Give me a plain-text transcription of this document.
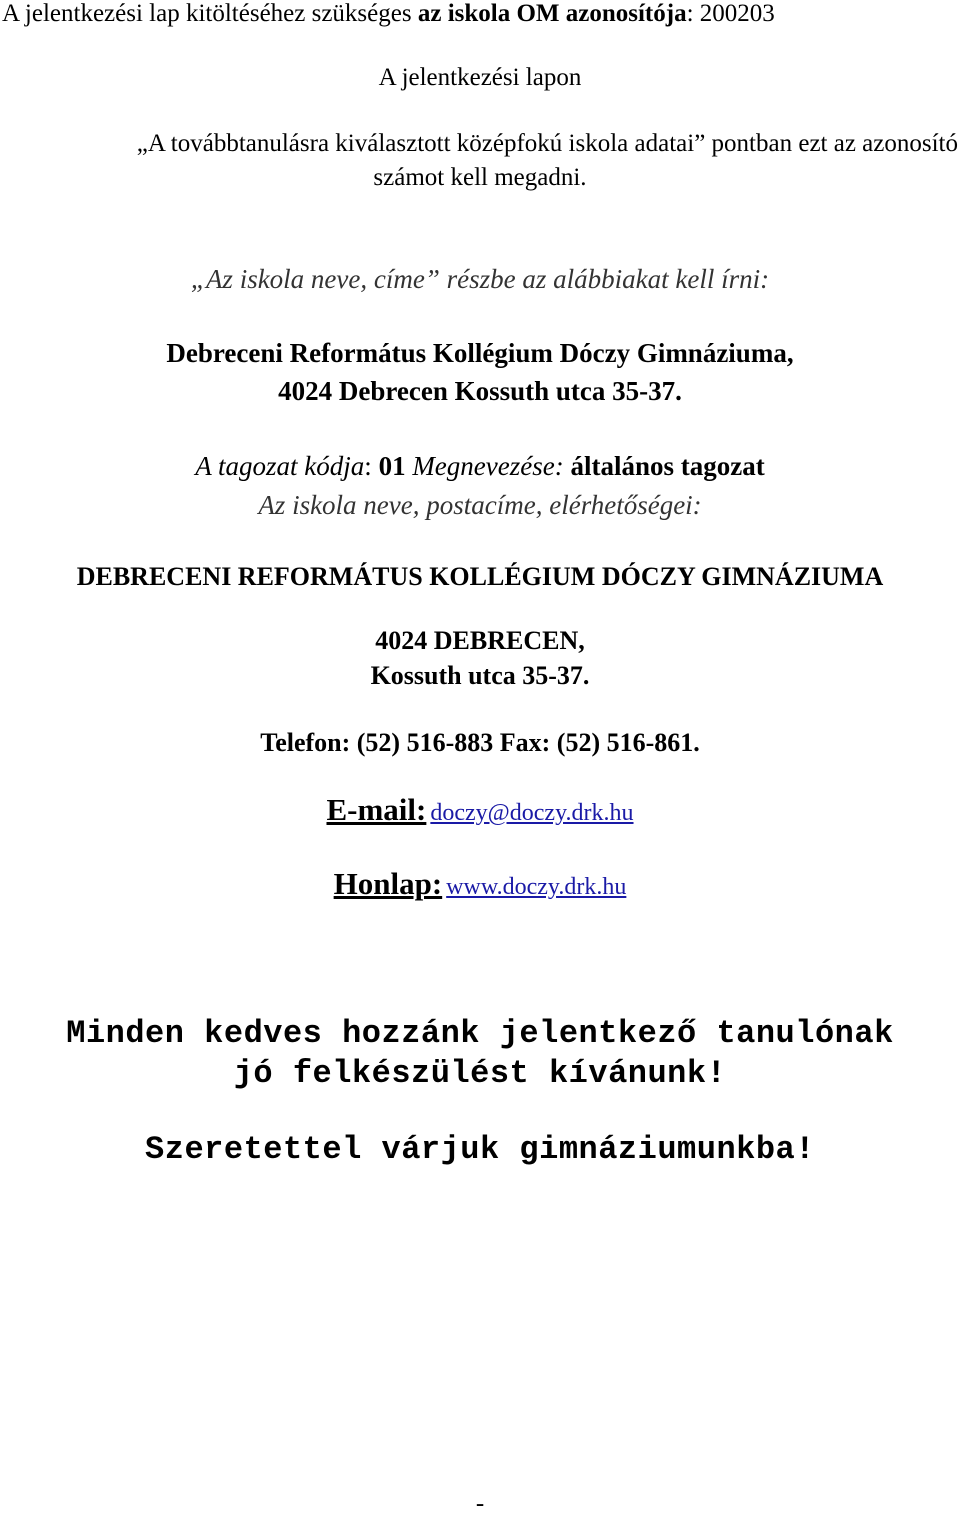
A jelentkezési lap kitöltéséhez szükséges az iskola OM azonosítója: 200203
A jelentkezési lapon
„A továbbtanulásra kiválasztott középfokú iskola adatai” pontban ezt az azonosító
számot kell megadni.
„Az iskola neve, címe” részbe az alábbiakat kell írni:
Debreceni Református Kollégium Dóczy Gimnáziuma,
4024 Debrecen Kossuth utca 35-37.
A tagozat kódja: 01 Megnevezése: általános tagozat
Az iskola neve, postacíme, elérhetőségei:
DEBRECENI REFORMÁTUS KOLLÉGIUM DÓCZY GIMNÁZIUMA
4024 DEBRECEN,
Kossuth utca 35-37.
Telefon: (52) 516-883 Fax: (52) 516-861.
E-mail: doczy@doczy.drk.hu
Honlap: www.doczy.drk.hu
Minden kedves hozzánk jelentkező tanulónak
jó felkészülést kívánunk!
Szeretettel várjuk gimnáziumunkba!
-
